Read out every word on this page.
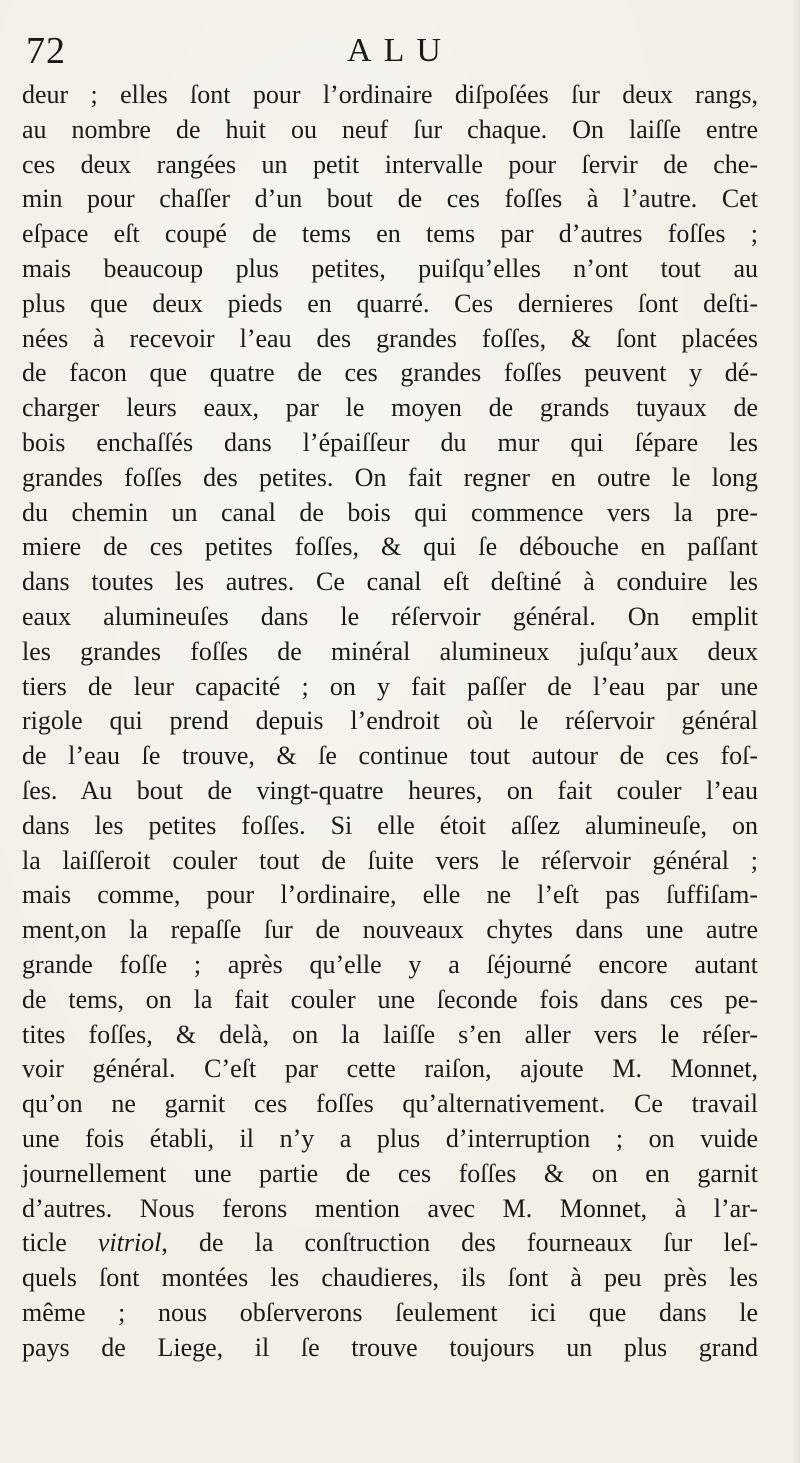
72	ALU
deur ; elles ſont pour l’ordinaire diſpoſées ſur deux rangs,
au nombre de huit ou neuf ſur chaque. On laiſſe entre
ces deux rangées un petit intervalle pour ſervir de che-
min pour chaſſer d’un bout de ces foſſes à l’autre. Cet
eſpace eſt coupé de tems en tems par d’autres foſſes ;
mais beaucoup plus petites, puiſqu’elles n’ont tout au
plus que deux pieds en quarré. Ces dernieres ſont deſti-
nées à recevoir l’eau des grandes foſſes, & ſont placées
de facon que quatre de ces grandes foſſes peuvent y dé-
charger leurs eaux, par le moyen de grands tuyaux de
bois enchaſſés dans l’épaiſſeur du mur qui ſépare les
grandes foſſes des petites. On fait regner en outre le long
du chemin un canal de bois qui commence vers la pre-
miere de ces petites foſſes, & qui ſe débouche en paſſant
dans toutes les autres. Ce canal eſt deſtiné à conduire les
eaux alumineuſes dans le réſervoir général. On emplit
les grandes foſſes de minéral alumineux juſqu’aux deux
tiers de leur capacité ; on y fait paſſer de l’eau par une
rigole qui prend depuis l’endroit où le réſervoir général
de l’eau ſe trouve, & ſe continue tout autour de ces foſ-
ſes. Au bout de vingt-quatre heures, on fait couler l’eau
dans les petites foſſes. Si elle étoit aſſez alumineuſe, on
la laiſſeroit couler tout de ſuite vers le réſervoir général ;
mais comme, pour l’ordinaire, elle ne l’eſt pas ſuffiſam-
ment,on la repaſſe ſur de nouveaux chytes dans une autre
grande foſſe ; après qu’elle y a ſéjourné encore autant
de tems, on la fait couler une ſeconde fois dans ces pe-
tites foſſes, & delà, on la laiſſe s’en aller vers le réſer-
voir général. C’eſt par cette raiſon, ajoute M. Monnet,
qu’on ne garnit ces foſſes qu’alternativement. Ce travail
une fois établi, il n’y a plus d’interruption ; on vuide
journellement une partie de ces foſſes & on en garnit
d’autres. Nous ferons mention avec M. Monnet, à l’ar-
ticle vitriol, de la conſtruction des fourneaux ſur leſ-
quels ſont montées les chaudieres, ils ſont à peu près les
même ; nous obſerverons ſeulement ici que dans le
pays de Liege, il ſe trouve toujours un plus grand
